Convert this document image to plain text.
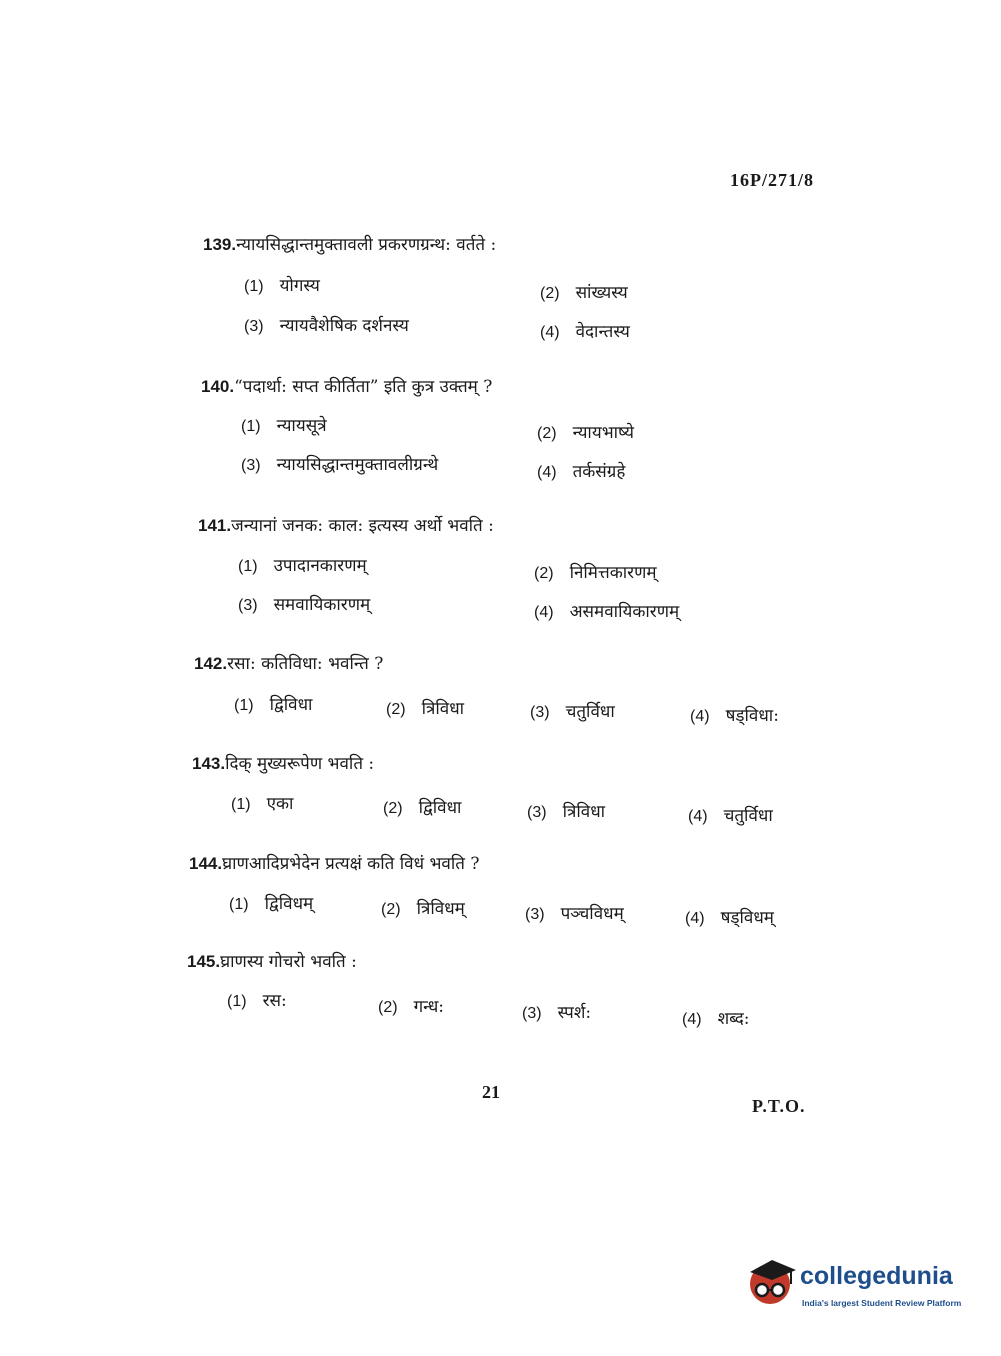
16P/271/8
139.न्यायसिद्धान्तमुक्तावली प्रकरणग्रन्थ: वर्तते :
(1) योगस्य	(2) सांख्यस्य
(3) न्यायवैशेषिक दर्शनस्य	(4) वेदान्तस्य
140.“पदार्था: सप्त कीर्तिता” इति कुत्र उक्तम् ?
(1) न्यायसूत्रे	(2) न्यायभाष्ये
(3) न्यायसिद्धान्तमुक्तावलीग्रन्थे	(4) तर्कसंग्रहे
141.जन्यानां जनक: काल: इत्यस्य अर्थो भवति :
(1) उपादानकारणम्	(2) निमित्तकारणम्
(3) समवायिकारणम्	(4) असमवायिकारणम्
142.रसा: कतिविधा: भवन्ति ?
(1) द्विविधा	(2) त्रिविधा	(3) चतुर्विधा	(4) षड्विधा:
143.दिक् मुख्यरूपेण भवति :
(1) एका	(2) द्विविधा	(3) त्रिविधा	(4) चतुर्विधा
144.घ्राणआदिप्रभेदेन प्रत्यक्षं कति विधं भवति ?
(1) द्विविधम्	(2) त्रिविधम्	(3) पञ्चविधम्	(4) षड्विधम्
145.घ्राणस्य गोचरो भवति :
(1) रस:	(2) गन्ध:	(3) स्पर्श:	(4) शब्द:
21
P.T.O.
collegedunia
India's largest Student Review Platform
